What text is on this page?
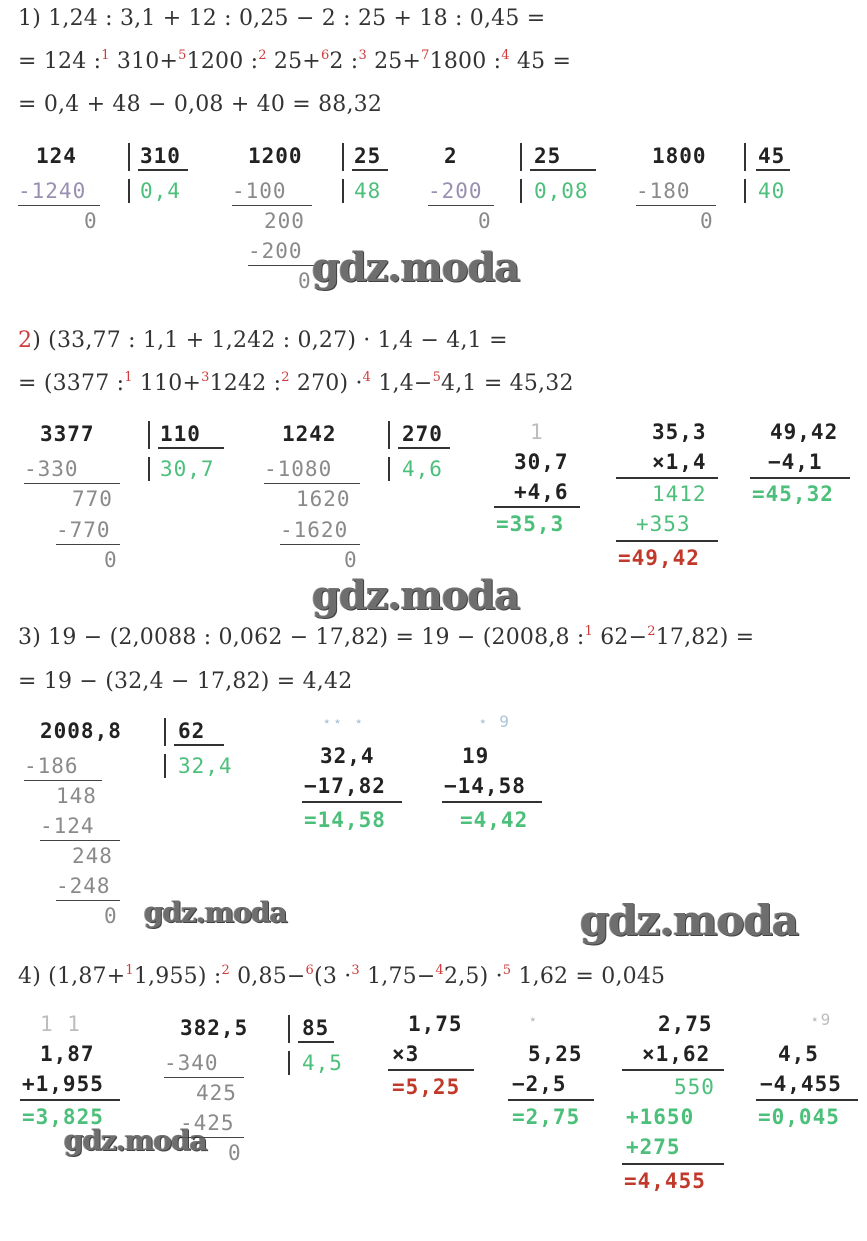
1) 1,24 : 3,1 + 12 : 0,25 − 2 : 25 + 18 : 0,45 =
= 124 :$^1$ 310+$^5$1200 :$^2$ 25+$^6$2 :$^3$ 25+$^7$1800 :$^4$ 45 =
= 0,4 + 48 − 0,08 + 40 = 88,32
124	310
-1240	0,4
0
1200 25
-100	48
200
-200
0
2	25
-200 0,08
0
1800 45
-180	40
0
gdz.moda
2) (33,77 : 1,1 + 1,242 : 0,27) · 1,4 − 4,1 =
= (3377 :$^1$ 110+$^3$1242 :$^2$ 270) ·$^4$ 1,4−$^5$4,1 = 45,32
3377	110
-330	30,7
770
-770
0
1242	270
-1080	4,6
1620
-1620
0
1
30,7
+4,6
=35,3
35,3
×1,4
1412
+353
=49,42
49,42
−4,1
=45,32
gdz.moda
3) 19 − (2,0088 : 0,062 − 17,82) = 19 − (2008,8 :$^1$ 62−$^2$17,82) =
= 19 − (32,4 − 17,82) = 4,42
2008,8	62
32,4
-186
148
-124
248
-248
0
⋆⋆ ⋆
32,4
−17,82
=14,58
⋆ 9
19
−14,58
=4,42
gdz.moda	gdz.moda
4) (1,87+$^1$1,955) :$^2$ 0,85−$^6$(3 ·$^3$ 1,75−$^4$2,5) ·$^5$ 1,62 = 0,045
1 1
1,87
+1,955
=3,825
382,5	85
4,5
-340
425
-425
0
1,75
×3
=5,25
⋆
5,25
−2,5
=2,75
2,75
×1,62
550
+1650
+275
=4,455
⋆9
4,5
−4,455
=0,045
gdz.moda
